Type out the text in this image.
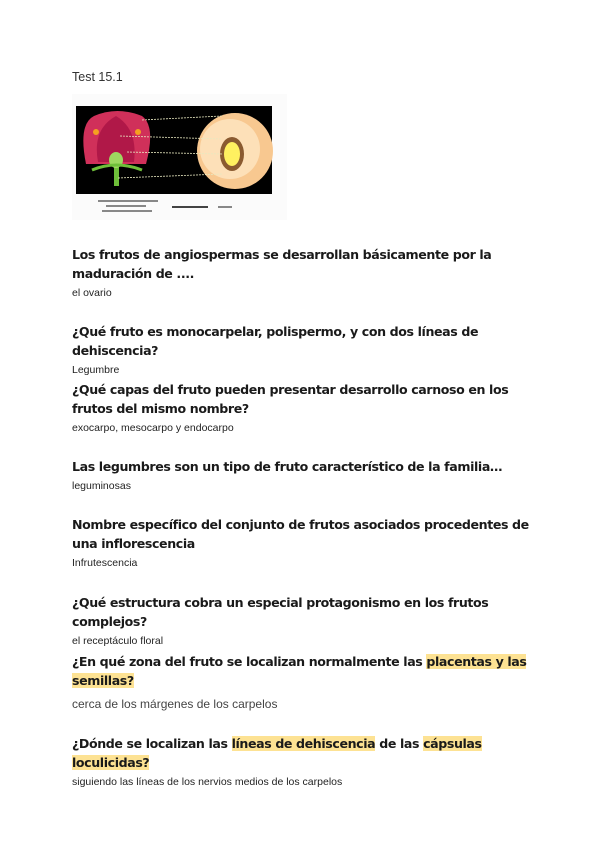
Test 15.1
Los frutos de angiospermas se desarrollan básicamente por la maduración de ....
el ovario
¿Qué fruto es monocarpelar, polispermo, y con dos líneas de dehiscencia?
Legumbre
¿Qué capas del fruto pueden presentar desarrollo carnoso en los frutos del mismo nombre?
exocarpo, mesocarpo y endocarpo
Las legumbres son un tipo de fruto característico de la familia…
leguminosas
Nombre específico del conjunto de frutos asociados procedentes de una inflorescencia
Infrutescencia
¿Qué estructura cobra un especial protagonismo en los frutos complejos?
el receptáculo floral
¿En qué zona del fruto se localizan normalmente las placentas y las semillas?
cerca de los márgenes de los carpelos
¿Dónde se localizan las líneas de dehiscencia de las cápsulas loculicidas?
siguiendo las líneas de los nervios medios de los carpelos
